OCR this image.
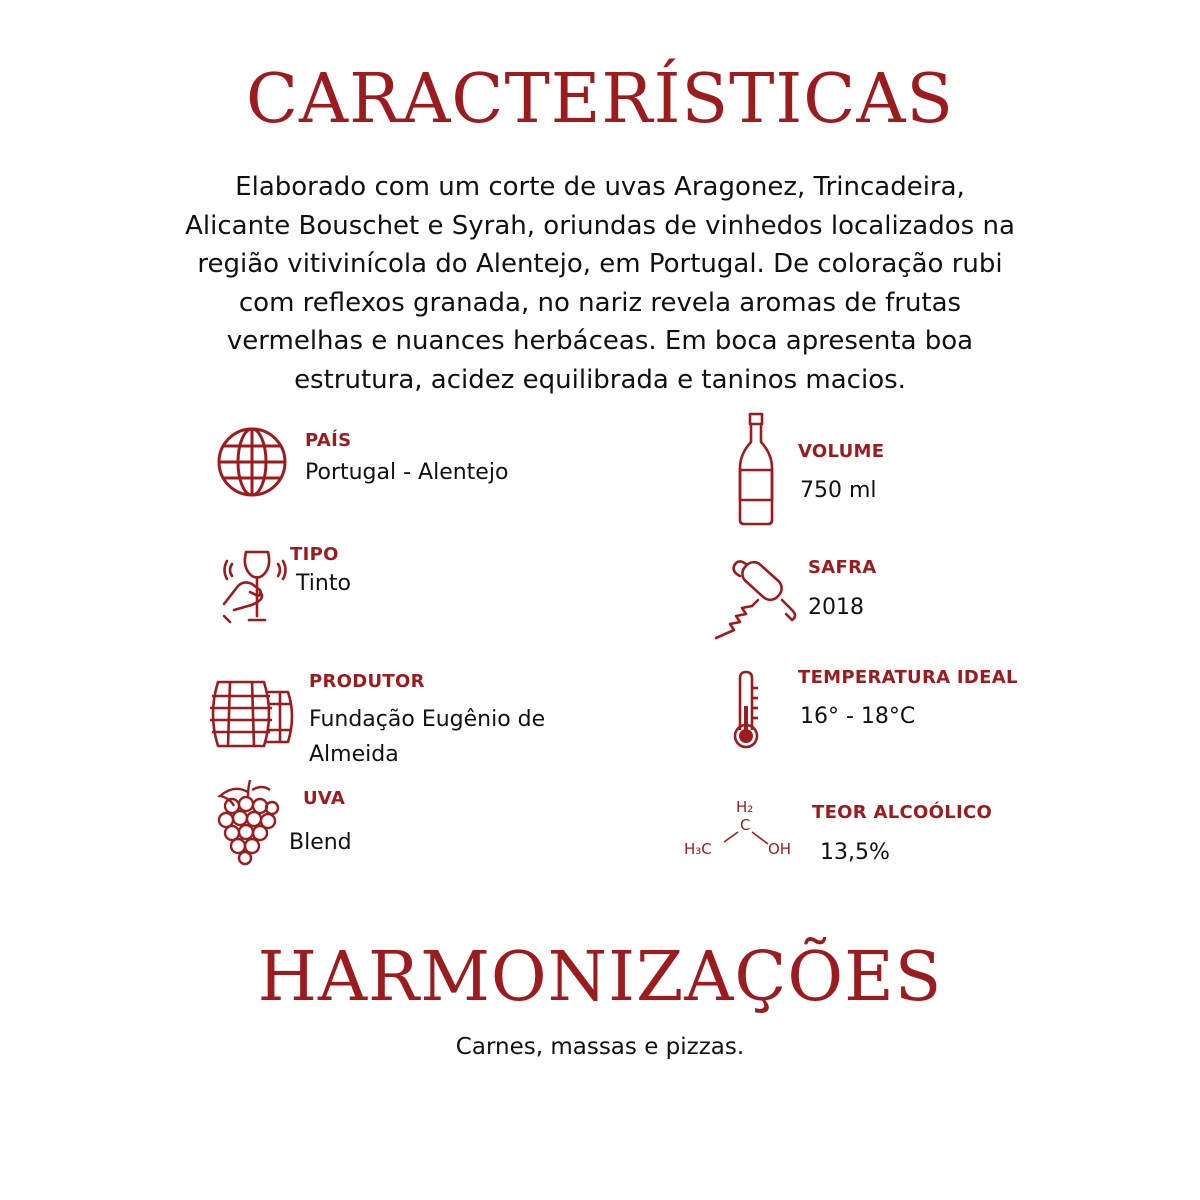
CARACTERÍSTICAS
Elaborado com um corte de uvas Aragonez, Trincadeira,
Alicante Bouschet e Syrah, oriundas de vinhedos localizados na
região vitivinícola do Alentejo, em Portugal. De coloração rubi
com reflexos granada, no nariz revela aromas de frutas
vermelhas e nuances herbáceas. Em boca apresenta boa
estrutura, acidez equilibrada e taninos macios.
PAÍS
Portugal - Alentejo
TIPO
Tinto
PRODUTOR
Fundação Eugênio de
Almeida
UVA
Blend
VOLUME
750 ml
SAFRA
2018
TEMPERATURA IDEAL
16° - 18°C
H₂
C
H₃C	OH
TEOR ALCOÓLICO
13,5%
HARMONIZAÇÕES
Carnes, massas e pizzas.
